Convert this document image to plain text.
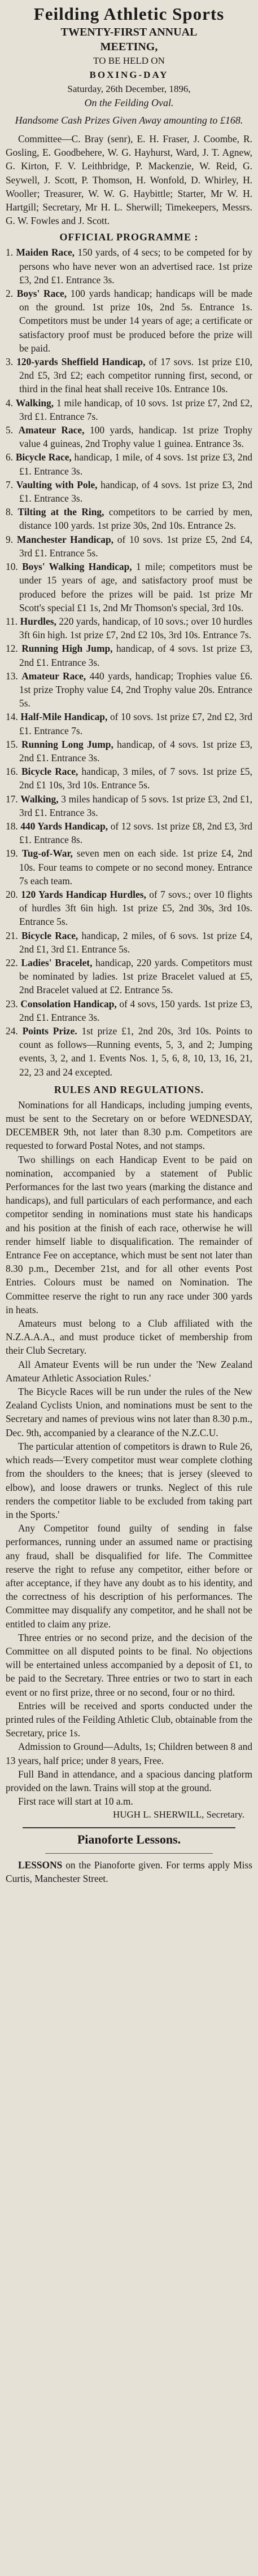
Feilding Athletic Sports
TWENTY-FIRST ANNUAL
MEETING,
TO BE HELD ON
BOXING-DAY
Saturday, 26th December, 1896,
On the Feilding Oval.
Handsome Cash Prizes Given Away amounting to £168.

Committee—C. Bray (senr), E. H. Fraser, J. Coombe, R. Gosling, E. Goodbehere, W. G. Hayhurst, Ward, J. T. Agnew, G. Kirton, F. V. Leithbridge, P. Mackenzie, W. Reid, G. Seywell, J. Scott, P. Thomson, H. Wonfold, D. Whirley, H. Wooller; Treasurer, W. W. G. Haybittle; Starter, Mr W. H. Hartgill; Secretary, Mr H. L. Sherwill; Timekeepers, Messrs. G. W. Fowles and J. Scott.

OFFICIAL PROGRAMME :
1. Maiden Race, 150 yards, of 4 secs; to be competed for by persons who have never won an advertised race. 1st prize £3, 2nd £1. Entrance 3s.
2. Boys' Race, 100 yards handicap; handicaps will be made on the ground. 1st prize 10s, 2nd 5s. Entrance 1s. Competitors must be under 14 years of age; a certificate or satisfactory proof must be produced before the prize will be paid.
3. 120-yards Sheffield Handicap, of 17 sovs. 1st prize £10, 2nd £5, 3rd £2; each competitor running first, second, or third in the final heat shall receive 10s. Entrance 10s.
4. Walking, 1 mile handicap, of 10 sovs. 1st prize £7, 2nd £2, 3rd £1. Entrance 7s.
5. Amateur Race, 100 yards, handicap. 1st prize Trophy value 4 guineas, 2nd Trophy value 1 guinea. Entrance 3s.
6. Bicycle Race, handicap, 1 mile, of 4 sovs. 1st prize £3, 2nd £1. Entrance 3s.
7. Vaulting with Pole, handicap, of 4 sovs. 1st prize £3, 2nd £1. Entrance 3s.
8. Tilting at the Ring, competitors to be carried by men, distance 100 yards. 1st prize 30s, 2nd 10s. Entrance 2s.
9. Manchester Handicap, of 10 sovs. 1st prize £5, 2nd £4, 3rd £1. Entrance 5s.
10. Boys' Walking Handicap, 1 mile; competitors must be under 15 years of age, and satisfactory proof must be produced before the prizes will be paid. 1st prize Mr Scott's special £1 1s, 2nd Mr Thomson's special, 3rd 10s.
11. Hurdles, 220 yards, handicap, of 10 sovs.; over 10 hurdles 3ft 6in high. 1st prize £7, 2nd £2 10s, 3rd 10s. Entrance 7s.
12. Running High Jump, handicap, of 4 sovs. 1st prize £3, 2nd £1. Entrance 3s.
13. Amateur Race, 440 yards, handicap; Trophies value £6. 1st prize Trophy value £4, 2nd Trophy value 20s. Entrance 5s.
14. Half-Mile Handicap, of 10 sovs. 1st prize £7, 2nd £2, 3rd £1. Entrance 7s.
15. Running Long Jump, handicap, of 4 sovs. 1st prize £3, 2nd £1. Entrance 3s.
16. Bicycle Race, handicap, 3 miles, of 7 sovs. 1st prize £5, 2nd £1 10s, 3rd 10s. Entrance 5s.
17. Walking, 3 miles handicap of 5 sovs. 1st prize £3, 2nd £1, 3rd £1. Entrance 3s.
18. 440 Yards Handicap, of 12 sovs. 1st prize £8, 2nd £3, 3rd £1. Entrance 8s.
19. Tug-of-War, seven men on each side. 1st prize £4, 2nd 10s. Four teams to compete or no second money. Entrance 7s each team.
20. 120 Yards Handicap Hurdles, of 7 sovs.; over 10 flights of hurdles 3ft 6in high. 1st prize £5, 2nd 30s, 3rd 10s. Entrance 5s.
21. Bicycle Race, handicap, 2 miles, of 6 sovs. 1st prize £4, 2nd £1, 3rd £1. Entrance 5s.
22. Ladies' Bracelet, handicap, 220 yards. Competitors must be nominated by ladies. 1st prize Bracelet valued at £5, 2nd Bracelet valued at £2. Entrance 5s.
23. Consolation Handicap, of 4 sovs, 150 yards. 1st prize £3, 2nd £1. Entrance 3s.
24. Points Prize. 1st prize £1, 2nd 20s, 3rd 10s. Points to count as follows—Running events, 5, 3, and 2; Jumping events, 3, 2, and 1. Events Nos. 1, 5, 6, 8, 10, 13, 16, 21, 22, 23 and 24 excepted.
RULES AND REGULATIONS.

Nominations for all Handicaps, including jumping events, must be sent to the Secretary on or before WEDNESDAY, DECEMBER 9th, not later than 8.30 p.m. Competitors are requested to forward Postal Notes, and not stamps.

Two shillings on each Handicap Event to be paid on nomination, accompanied by a statement of Public Performances for the last two years (marking the distance and handicaps), and full particulars of each performance, and each competitor sending in nominations must state his handicaps and his position at the finish of each race, otherwise he will render himself liable to disqualification. The remainder of Entrance Fee on acceptance, which must be sent not later than 8.30 p.m., December 21st, and for all other events Post Entries. Colours must be named on Nomination. The Committee reserve the right to run any race under 300 yards in heats.

Amateurs must belong to a Club affiliated with the N.Z.A.A.A., and must produce ticket of membership from their Club Secretary.

All Amateur Events will be run under the 'New Zealand Amateur Athletic Association Rules.'

The Bicycle Races will be run under the rules of the New Zealand Cyclists Union, and nominations must be sent to the Secretary and names of previous wins not later than 8.30 p.m., Dec. 9th, accompanied by a clearance of the N.Z.C.U.

The particular attention of competitors is drawn to Rule 26, which reads—'Every competitor must wear complete clothing from the shoulders to the knees; that is jersey (sleeved to elbow), and loose drawers or trunks. Neglect of this rule renders the competitor liable to be excluded from taking part in the Sports.'

Any Competitor found guilty of sending in false performances, running under an assumed name or practising any fraud, shall be disqualified for life. The Committee reserve the right to refuse any competitor, either before or after acceptance, if they have any doubt as to his identity, and the correctness of his description of his performances. The Committee may disqualify any competitor, and he shall not be entitled to claim any prize.

Three entries or no second prize, and the decision of the Committee on all disputed points to be final. No objections will be entertained unless accompanied by a deposit of £1, to be paid to the Secretary. Three entries or two to start in each event or no first prize, three or no second, four or no third.

Entries will be received and sports conducted under the printed rules of the Feilding Athletic Club, obtainable from the Secretary, price 1s.

Admission to Ground—Adults, 1s; Children between 8 and 13 years, half price; under 8 years, Free.

Full Band in attendance, and a spacious dancing platform provided on the lawn. Trains will stop at the ground.

First race will start at 10 a.m.

HUGH L. SHERWILL, Secretary.
Pianoforte Lessons.
LESSONS on the Pianoforte given. For terms apply Miss Curtis, Manchester Street.
